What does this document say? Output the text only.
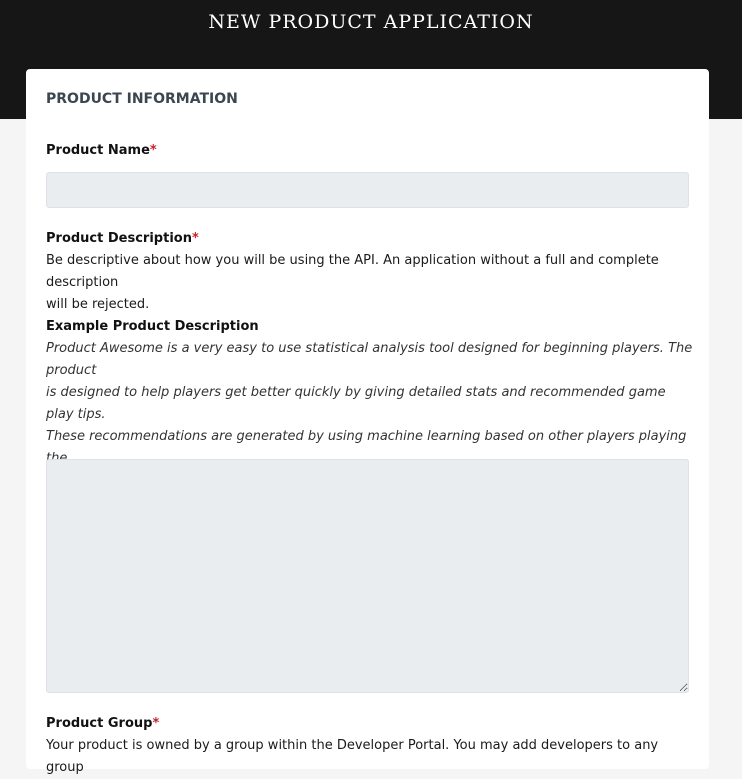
NEW PRODUCT APPLICATION
PRODUCT INFORMATION
Product Name*
Product Description*
Be descriptive about how you will be using the API. An application without a full and complete description
will be rejected.
Example Product Description
Product Awesome is a very easy to use statistical analysis tool designed for beginning players. The product
is designed to help players get better quickly by giving detailed stats and recommended game play tips.
These recommendations are generated by using machine learning based on other players playing
Product Group*
Your product is owned by a group within the Developer Portal. You may add developers to any group
